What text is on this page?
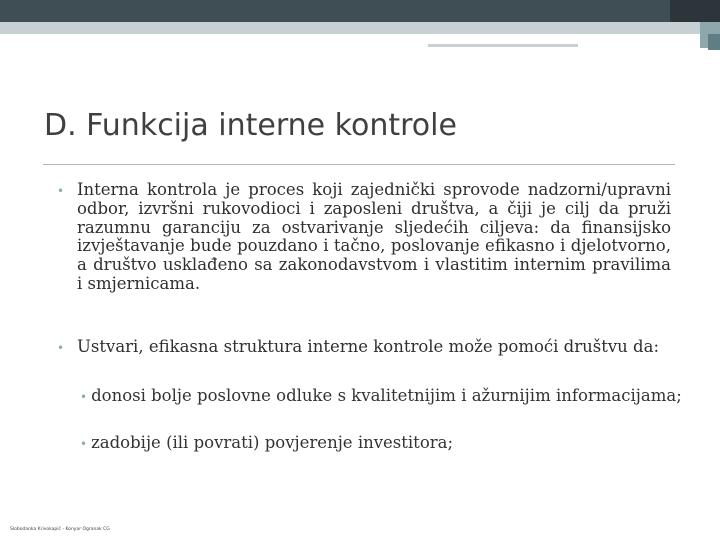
D. Funkcija interne kontrole
• Interna kontrola je proces koji zajednički sprovode nadzorni/upravni odbor, izvršni rukovodioci i zaposleni društva, a čiji je cilj da pruži razumnu garanciju za ostvarivanje sljedećih ciljeva: da finansijsko izvještavanje bude pouzdano i tačno, poslovanje efikasno i djelotvorno, a društvo usklađeno sa zakonodavstvom i vlastitim internim pravilima i smjernicama.

• Ustvari, efikasna struktura interne kontrole može pomoći društvu da:

• donosi bolje poslovne odluke s kvalitetnijim i ažurnijim informacijama;

• zadobije (ili povrati) povjerenje investitora;

Slobodanka Krivokapić - Konyar Ogranak CG
